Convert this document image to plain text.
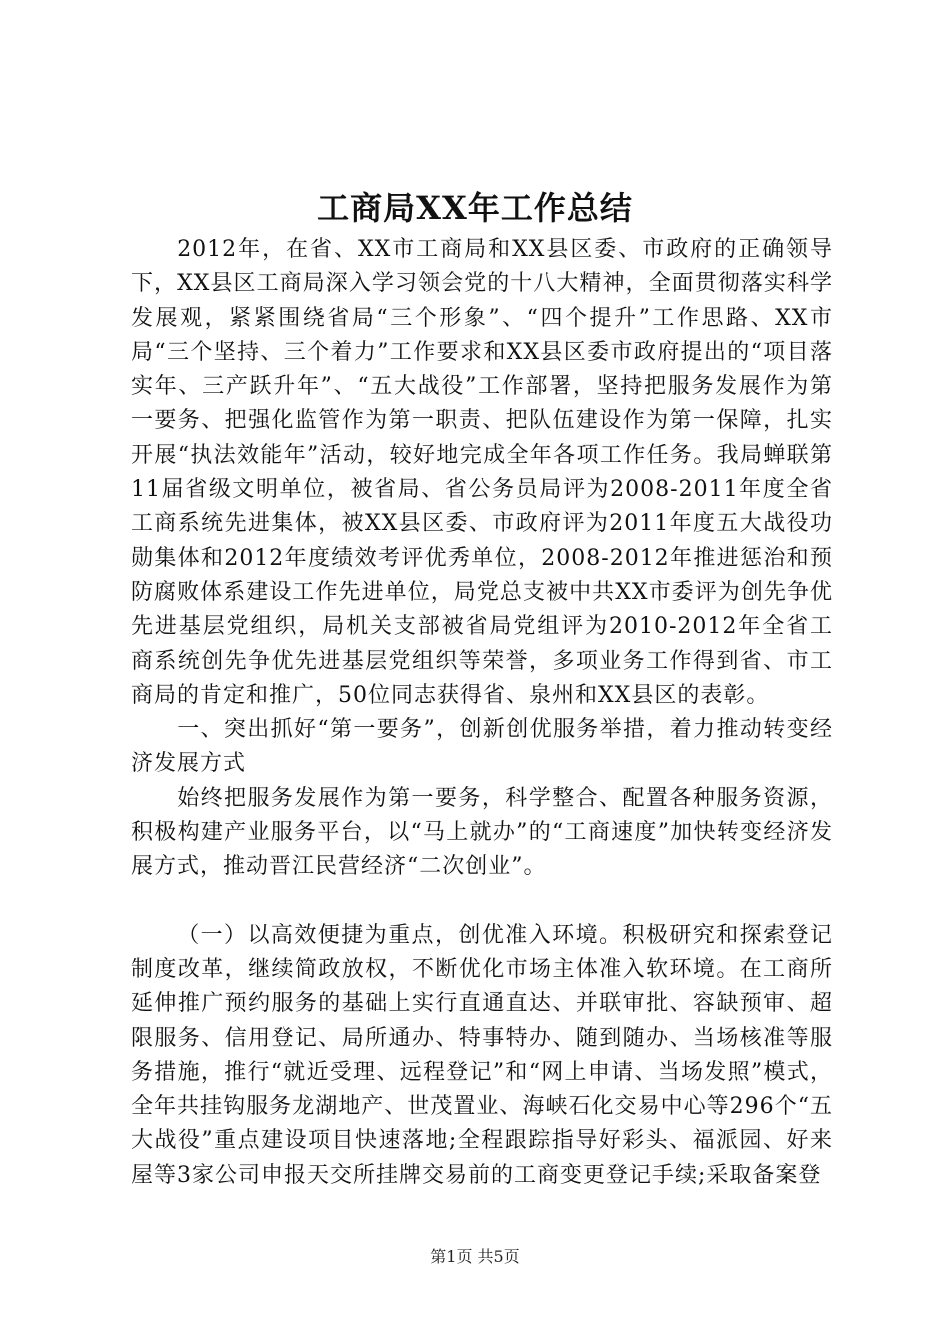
工商局XX年工作总结

2012年，在省、XX市工商局和XX县区委、市政府的正确领导下，XX县区工商局深入学习领会党的十八大精神，全面贯彻落实科学发展观，紧紧围绕省局“三个形象”、“四个提升”工作思路、XX市局“三个坚持、三个着力”工作要求和XX县区委市政府提出的“项目落实年、三产跃升年”、“五大战役”工作部署，坚持把服务发展作为第一要务、把强化监管作为第一职责、把队伍建设作为第一保障，扎实开展“执法效能年”活动，较好地完成全年各项工作任务。我局蝉联第11届省级文明单位，被省局、省公务员局评为2008-2011年度全省工商系统先进集体，被XX县区委、市政府评为2011年度五大战役功勋集体和2012年度绩效考评优秀单位，2008-2012年推进惩治和预防腐败体系建设工作先进单位，局党总支被中共XX市委评为创先争优先进基层党组织，局机关支部被省局党组评为2010-2012年全省工商系统创先争优先进基层党组织等荣誉，多项业务工作得到省、市工商局的肯定和推广，50位同志获得省、泉州和XX县区的表彰。

一、突出抓好“第一要务”，创新创优服务举措，着力推动转变经济发展方式

始终把服务发展作为第一要务，科学整合、配置各种服务资源，积极构建产业服务平台，以“马上就办”的“工商速度”加快转变经济发展方式，推动晋江民营经济“二次创业”。

（一）以高效便捷为重点，创优准入环境。积极研究和探索登记制度改革，继续简政放权，不断优化市场主体准入软环境。在工商所延伸推广预约服务的基础上实行直通直达、并联审批、容缺预审、超限服务、信用登记、局所通办、特事特办、随到随办、当场核准等服务措施，推行“就近受理、远程登记”和“网上申请、当场发照”模式，全年共挂钩服务龙湖地产、世茂置业、海峡石化交易中心等296个“五大战役”重点建设项目快速落地;全程跟踪指导好彩头、福派园、好来屋等3家公司申报天交所挂牌交易前的工商变更登记手续;采取备案登

第1页 共5页
